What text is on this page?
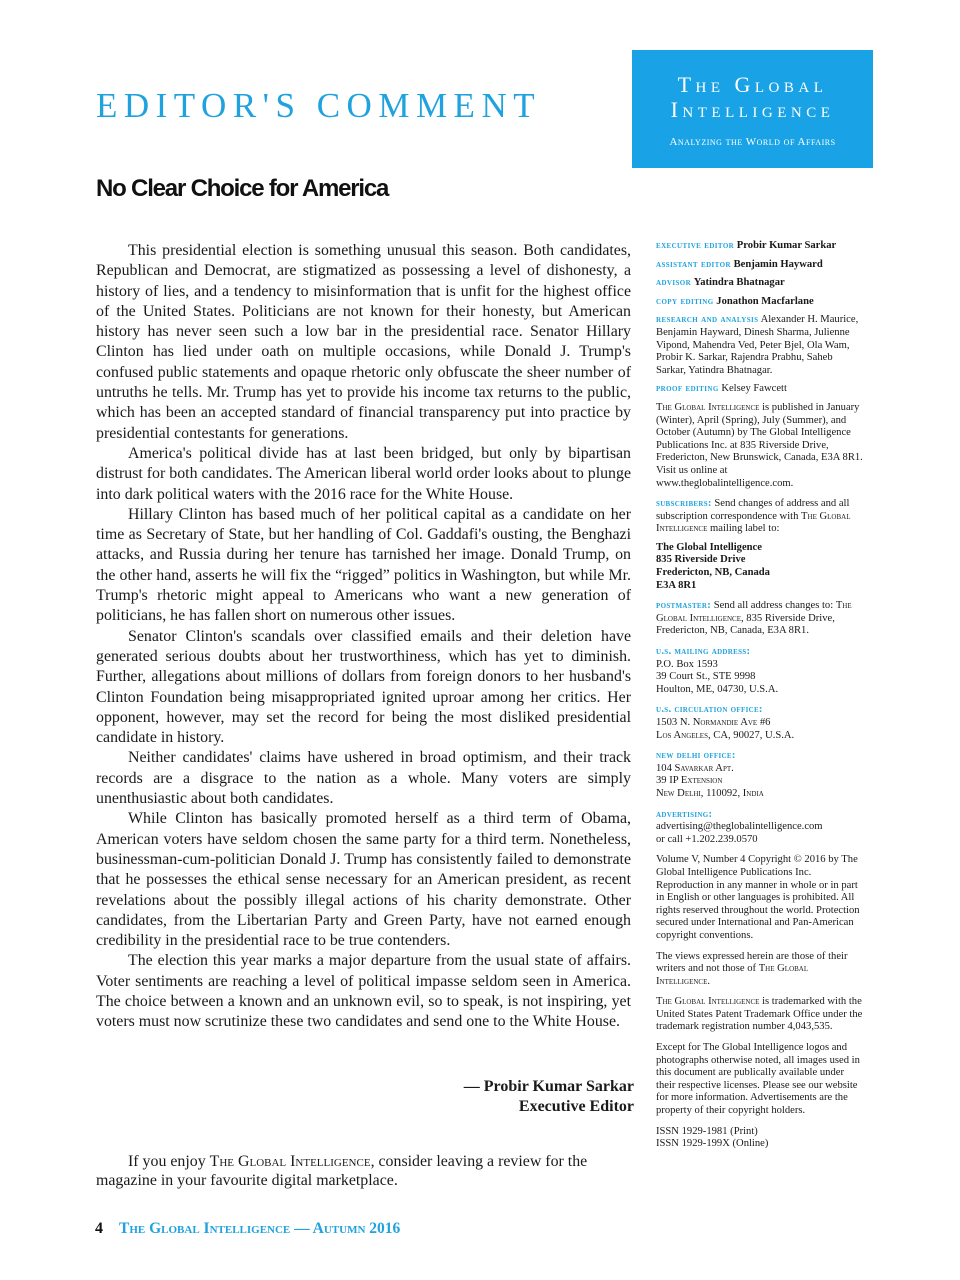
EDITOR'S COMMENT
The Global
Intelligence
Analyzing the World of Affairs
No Clear Choice for America

This presidential election is something unusual this season. Both candidates, Republican and Democrat, are stigmatized as possessing a level of dishonesty, a history of lies, and a tendency to misinformation that is unfit for the highest office of the United States. Politicians are not known for their honesty, but American history has never seen such a low bar in the presidential race. Senator Hillary Clinton has lied under oath on multiple occasions, while Donald J. Trump's confused public statements and opaque rhetoric only obfuscate the sheer number of untruths he tells. Mr. Trump has yet to provide his income tax returns to the public, which has been an accepted standard of financial transparency put into practice by presidential contestants for generations.

America's political divide has at last been bridged, but only by bipartisan distrust for both candidates. The American liberal world order looks about to plunge into dark political waters with the 2016 race for the White House.

Hillary Clinton has based much of her political capital as a candidate on her time as Secretary of State, but her handling of Col. Gaddafi's ousting, the Benghazi attacks, and Russia during her tenure has tarnished her image. Donald Trump, on the other hand, asserts he will fix the “rigged” politics in Washington, but while Mr. Trump's rhetoric might appeal to Americans who want a new generation of politicians, he has fallen short on numerous other issues.

Senator Clinton's scandals over classified emails and their deletion have generated serious doubts about her trustworthiness, which has yet to diminish. Further, allegations about millions of dollars from foreign donors to her husband's Clinton Foundation being misappropriated ignited uproar among her critics. Her opponent, however, may set the record for being the most disliked presidential candidate in history.

Neither candidates' claims have ushered in broad optimism, and their track records are a disgrace to the nation as a whole. Many voters are simply unenthusiastic about both candidates.

While Clinton has basically promoted herself as a third term of Obama, American voters have seldom chosen the same party for a third term. Nonetheless, businessman-cum-politician Donald J. Trump has consistently failed to demonstrate that he possesses the ethical sense necessary for an American president, as recent revelations about the possibly illegal actions of his charity demonstrate. Other candidates, from the Libertarian Party and Green Party, have not earned enough credibility in the presidential race to be true contenders.

The election this year marks a major departure from the usual state of affairs. Voter sentiments are reaching a level of political impasse seldom seen in America. The choice between a known and an unknown evil, so to speak, is not inspiring, yet voters must now scrutinize these two candidates and send one to the White House.

— Probir Kumar Sarkar
Executive Editor

If you enjoy The Global Intelligence, consider leaving a review for the magazine in your favourite digital marketplace.

4 The Global Intelligence — Autumn 2016
executive editor Probir Kumar Sarkar
assistant editor Benjamin Hayward
advisor Yatindra Bhatnagar
copy editing Jonathon Macfarlane
research and analysis Alexander H. Maurice, Benjamin Hayward, Dinesh Sharma, Julienne Vipond, Mahendra Ved, Peter Bjel, Ola Wam, Probir K. Sarkar, Rajendra Prabhu, Saheb Sarkar, Yatindra Bhatnagar.
proof editing Kelsey Fawcett
The Global Intelligence is published in January (Winter), April (Spring), July (Summer), and October (Autumn) by The Global Intelligence Publications Inc. at 835 Riverside Drive, Fredericton, New Brunswick, Canada, E3A 8R1. Visit us online at www.theglobalintelligence.com.
subscribers: Send changes of address and all subscription correspondence with The Global Intelligence mailing label to:
The Global Intelligence
835 Riverside Drive
Fredericton, NB, Canada
E3A 8R1
postmaster: Send all address changes to: The Global Intelligence, 835 Riverside Drive, Fredericton, NB, Canada, E3A 8R1.
u.s. mailing address:
P.O. Box 1593
39 Court St., STE 9998
Houlton, ME, 04730, U.S.A.
u.s. circulation office:
1503 N. Normandie Ave #6
Los Angeles, CA, 90027, U.S.A.
new delhi office:
104 Savarkar Apt.
39 IP Extension
New Delhi, 110092, India
advertising:
advertising@theglobalintelligence.com
or call +1.202.239.0570
Volume V, Number 4 Copyright © 2016 by The Global Intelligence Publications Inc. Reproduction in any manner in whole or in part in English or other languages is prohibited. All rights reserved throughout the world. Protection secured under International and Pan-American copyright conventions.
The views expressed herein are those of their writers and not those of The Global Intelligence.
The Global Intelligence is trademarked with the United States Patent Trademark Office under the trademark registration number 4,043,535.
Except for The Global Intelligence logos and photographs otherwise noted, all images used in this document are publically available under their respective licenses. Please see our website for more information. Advertisements are the property of their copyright holders.
ISSN 1929-1981 (Print)
ISSN 1929-199X (Online)
